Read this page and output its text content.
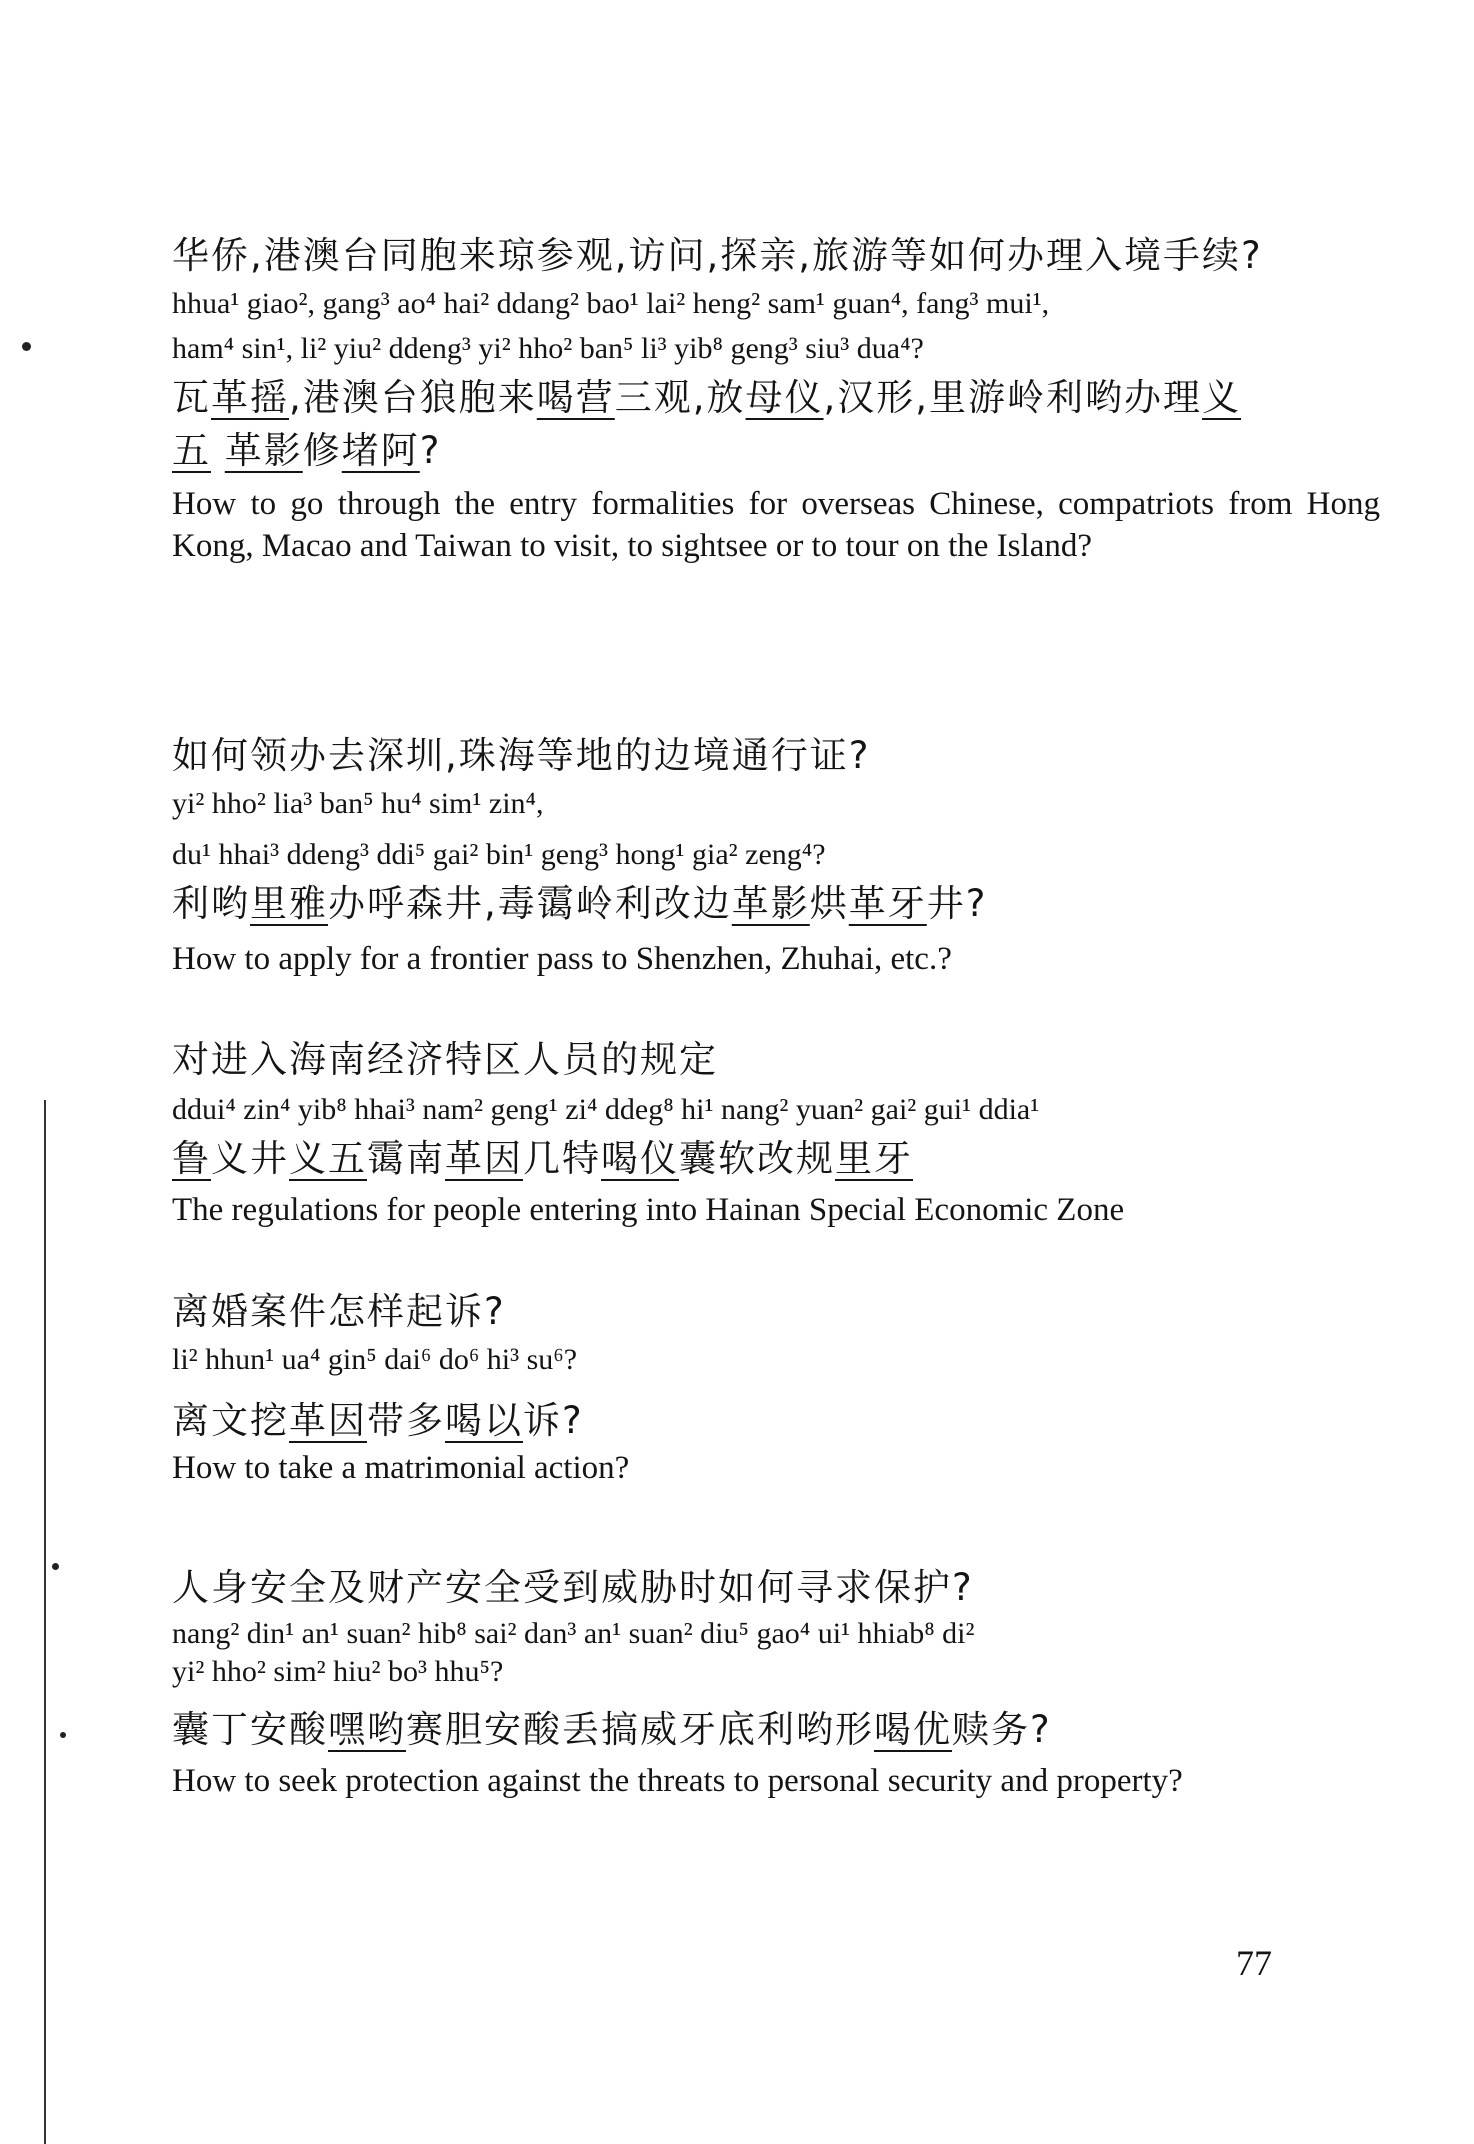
华侨,港澳台同胞来琼参观,访问,探亲,旅游等如何办理入境手续?

hhua¹ giao², gang³ ao⁴ hai² ddang² bao¹ lai² heng² sam¹ guan⁴, fang³ mui¹,

ham⁴ sin¹, li² yiu² ddeng³ yi² hho² ban⁵ li³ yib⁸ geng³ siu³ dua⁴?

瓦革摇,港澳台狼胞来喝营三观,放母仪,汉形,里游岭利哟办理义

五 革影修堵阿?

How to go through the entry formalities for overseas Chinese, compatriots from Hong Kong, Macao and Taiwan to visit, to sightsee or to tour on the Island?

如何领办去深圳,珠海等地的边境通行证?

yi² hho² lia³ ban⁵ hu⁴ sim¹ zin⁴,

du¹ hhai³ ddeng³ ddi⁵ gai² bin¹ geng³ hong¹ gia² zeng⁴?

利哟里雅办呼森井,毒霭岭利改边革影烘革牙井?

How to apply for a frontier pass to Shenzhen, Zhuhai, etc.?

对进入海南经济特区人员的规定

ddui⁴ zin⁴ yib⁸ hhai³ nam² geng¹ zi⁴ ddeg⁸ hi¹ nang² yuan² gai² gui¹ ddia¹

鲁义井义五霭南革因几特喝仪囊软改规里牙

The regulations for people entering into Hainan Special Economic Zone

离婚案件怎样起诉?

li² hhun¹ ua⁴ gin⁵ dai⁶ do⁶ hi³ su⁶?

离文挖革因带多喝以诉?

How to take a matrimonial action?

人身安全及财产安全受到威胁时如何寻求保护?

nang² din¹ an¹ suan² hib⁸ sai² dan³ an¹ suan² diu⁵ gao⁴ ui¹ hhiab⁸ di²

yi² hho² sim² hiu² bo³ hhu⁵?

囊丁安酸嘿哟赛胆安酸丢搞威牙底利哟形喝优赎务?

How to seek protection against the threats to personal security and property?

77
